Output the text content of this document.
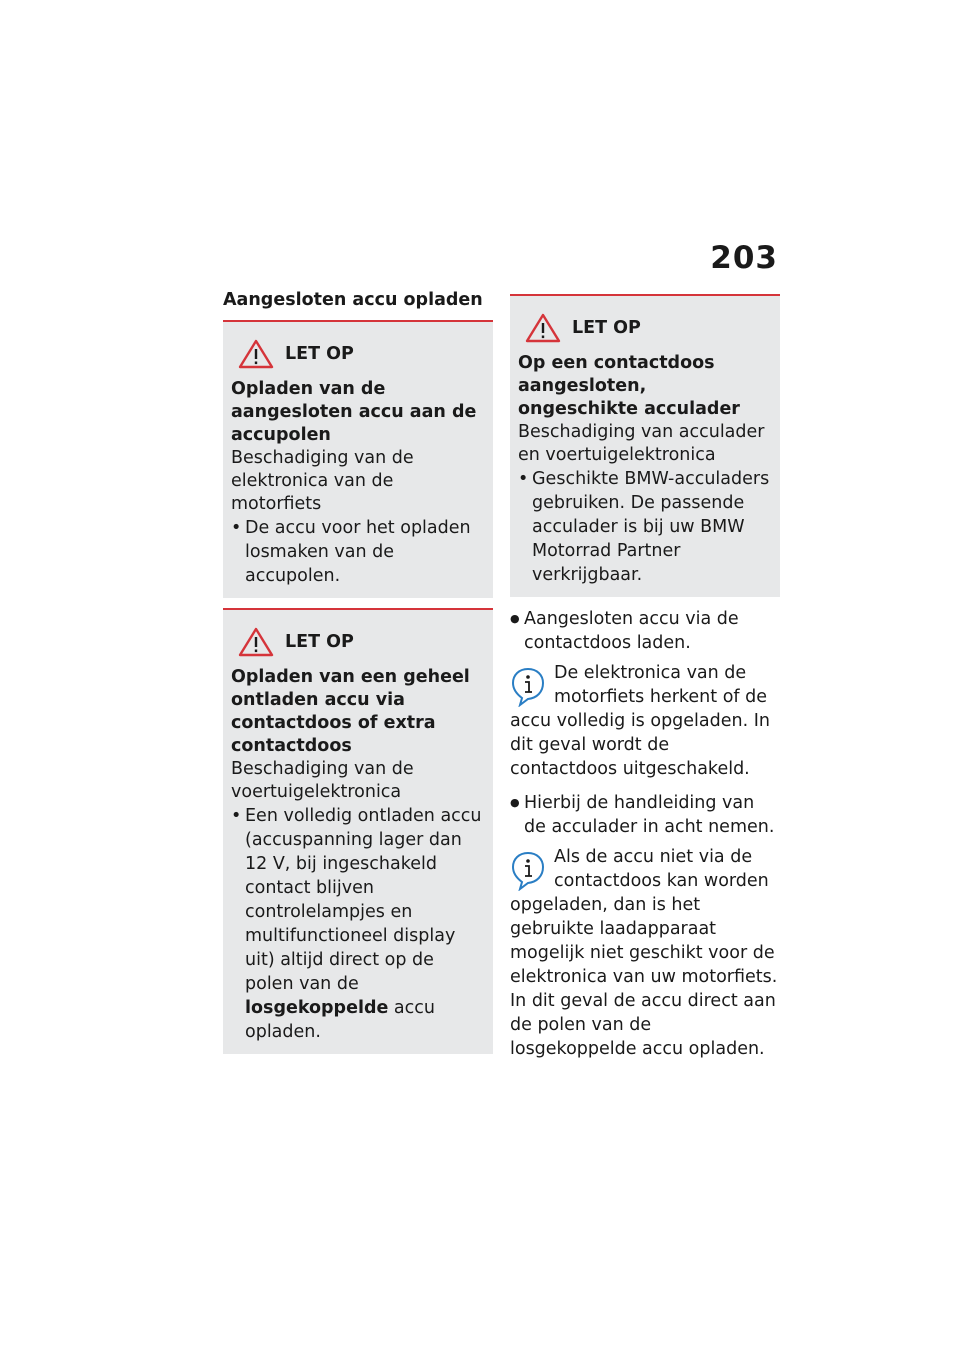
203
Aangesloten accu opladen
LET OP
Opladen van de aangesloten accu aan de accupolen
Beschadiging van de elektronica van de motorfiets
• De accu voor het opladen losmaken van de accupolen.
LET OP
Opladen van een geheel ontladen accu via contactdoos of extra contactdoos
Beschadiging van de voertuigelektronica
• Een volledig ontladen accu (accuspanning lager dan 12 V, bij ingeschakeld contact blijven controlelampjes en multifunctioneel display uit) altijd direct op de polen van de losgekoppelde accu opladen.
LET OP
Op een contactdoos aangesloten, ongeschikte acculader
Beschadiging van acculader en voertuigelektronica
• Geschikte BMW-acculaders gebruiken. De passende acculader is bij uw BMW Motorrad Partner verkrijgbaar.
● Aangesloten accu via de contactdoos laden.
De elektronica van de motorfiets herkent of de accu volledig is opgeladen. In dit geval wordt de contactdoos uitgeschakeld.
● Hierbij de handleiding van de acculader in acht nemen.
Als de accu niet via de contactdoos kan worden opgeladen, dan is het gebruikte laadapparaat mogelijk niet geschikt voor de elektronica van uw motorfiets. In dit geval de accu direct aan de polen van de losgekoppelde accu opladen.
